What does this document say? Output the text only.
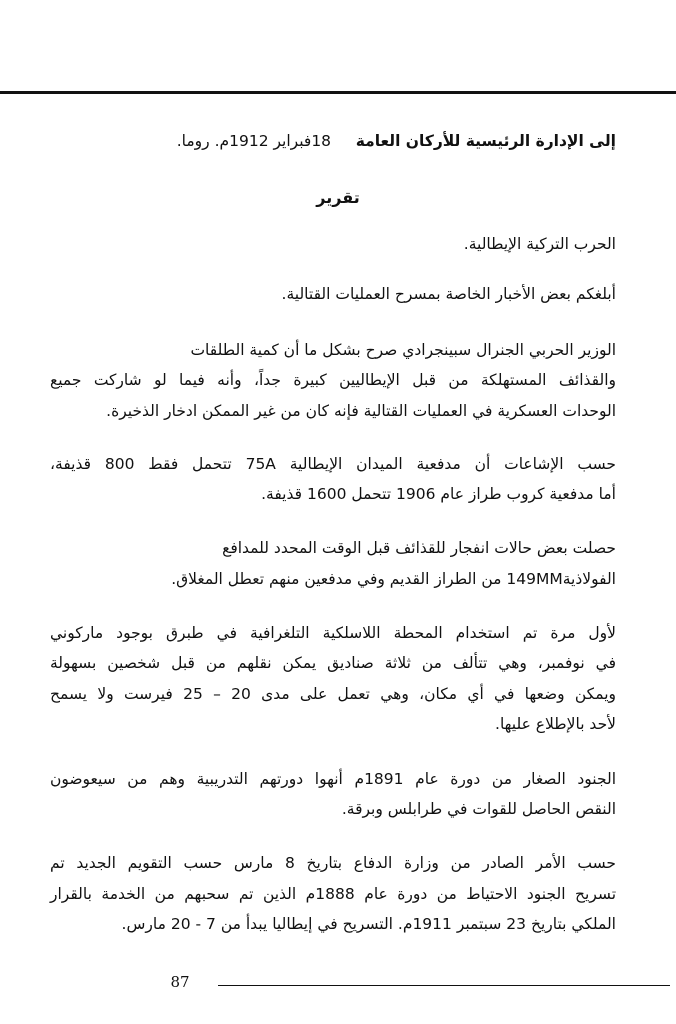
إلى الإدارة الرئيسية للأركان العامة     18فبراير 1912م. روما.
تقرير
الحرب التركية الإيطالية.
أبلغكم بعض الأخبار الخاصة بمسرح العمليات القتالية.
الوزير الحربي الجنرال سبينجرادي صرح بشكل ما أن كمية الطلقات
والقذائف المستهلكة من قبل الإيطاليين كبيرة جداً، وأنه فيما لو شاركت جميع
الوحدات العسكرية في العمليات القتالية فإنه كان من غير الممكن ادخار الذخيرة.
حسب الإشاعات أن مدفعية الميدان الإيطالية 75A تتحمل فقط 800 قذيفة،
أما مدفعية كروب طراز عام 1906 تتحمل 1600 قذيفة.
حصلت بعض حالات انفجار للقذائف قبل الوقت المحدد للمدافع
الفولاذية149MM من الطراز القديم وفي مدفعين منهم تعطل المغلاق.
لأول مرة تم استخدام المحطة اللاسلكية التلغرافية في طبرق بوجود ماركوني
في نوفمبر، وهي تتألف من ثلاثة صناديق يمكن نقلهم من قبل شخصين بسهولة
ويمكن وضعها في أي مكان، وهي تعمل على مدى 20 – 25 فيرست ولا يسمح
لأحد بالإطلاع عليها.
الجنود الصغار من دورة عام 1891م أنهوا دورتهم التدريبية وهم من سيعوضون
النقص الحاصل للقوات في طرابلس وبرقة.
حسب الأمر الصادر من وزارة الدفاع بتاريخ 8 مارس حسب التقويم الجديد تم
تسريح الجنود الاحتياط من دورة عام 1888م الذين تم سحبهم من الخدمة بالقرار
الملكي بتاريخ 23 سبتمبر 1911م. التسريح في إيطاليا يبدأ من 7 - 20 مارس.
87
